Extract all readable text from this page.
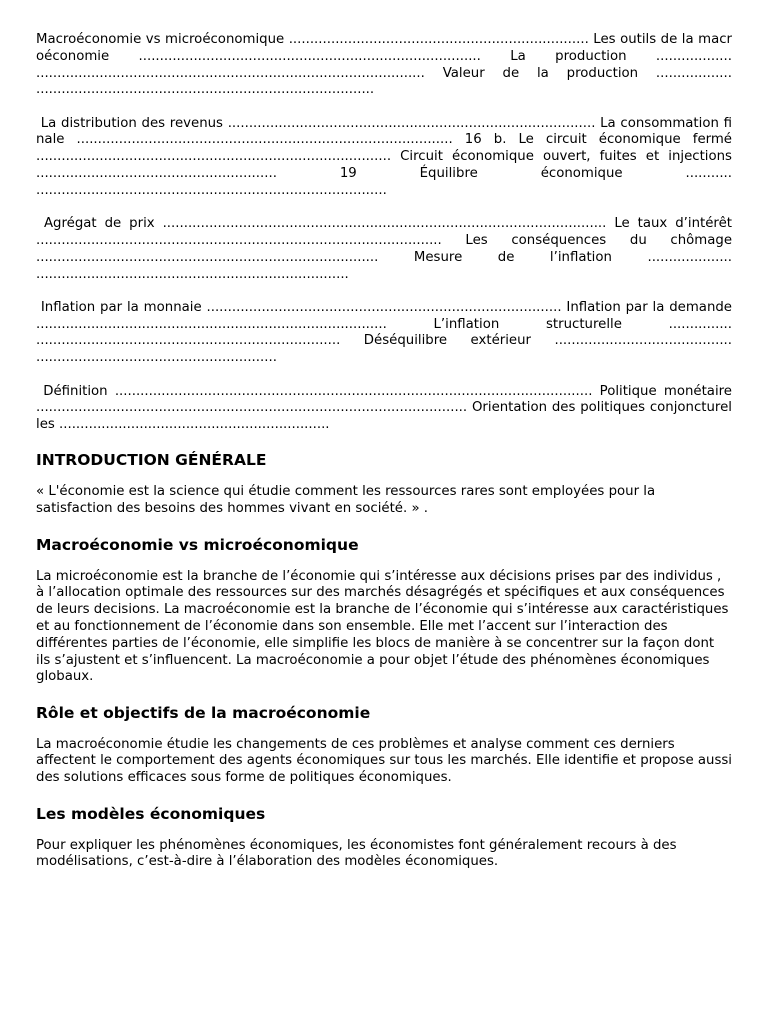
Macroéconomie vs microéconomique ....................................................................... Les outils de la macroéconomie ................................................................................. La production .................. ............................................................................................ Valeur de la production .................. ................................................................................

La distribution des revenus ....................................................................................... La consommation finale ......................................................................................... 16 b. Le circuit économique fermé .................................................................................... Circuit économique ouvert, fuites et injections ......................................................... 19 Équilibre économique ........... ...................................................................................

Agrégat de prix ......................................................................................................... Le taux d’intérêt ................................................................................................ Les conséquences du chômage ................................................................................. Mesure de l’inflation .................... ..........................................................................

Inflation par la monnaie .................................................................................... Inflation par la demande ................................................................................... L’inflation structurelle ............... ........................................................................ Déséquilibre extérieur .......................................... .........................................................

Définition ................................................................................................................. Politique monétaire ...................................................................................................... Orientation des politiques conjoncturelles ................................................................

INTRODUCTION GÉNÉRALE

« L'économie est la science qui étudie comment les ressources rares sont employées pour la satisfaction des besoins des hommes vivant en société. » .

Macroéconomie vs microéconomique

La microéconomie est la branche de l’économie qui s’intéresse aux décisions prises par des individus , à l’allocation optimale des ressources sur des marchés désagrégés et spécifiques et aux conséquences de leurs decisions. La macroéconomie est la branche de l’économie qui s’intéresse aux caractéristiques et au fonctionnement de l’économie dans son ensemble. Elle met l’accent sur l’interaction des différentes parties de l’économie, elle simplifie les blocs de manière à se concentrer sur la façon dont ils s’ajustent et s’influencent. La macroéconomie a pour objet l’étude des phénomènes économiques globaux.

Rôle et objectifs de la macroéconomie

La macroéconomie étudie les changements de ces problèmes et analyse comment ces derniers affectent le comportement des agents économiques sur tous les marchés. Elle identifie et propose aussi des solutions efficaces sous forme de politiques économiques.

Les modèles économiques

Pour expliquer les phénomènes économiques, les économistes font généralement recours à des modélisations, c’est-à-dire à l’élaboration des modèles économiques.
